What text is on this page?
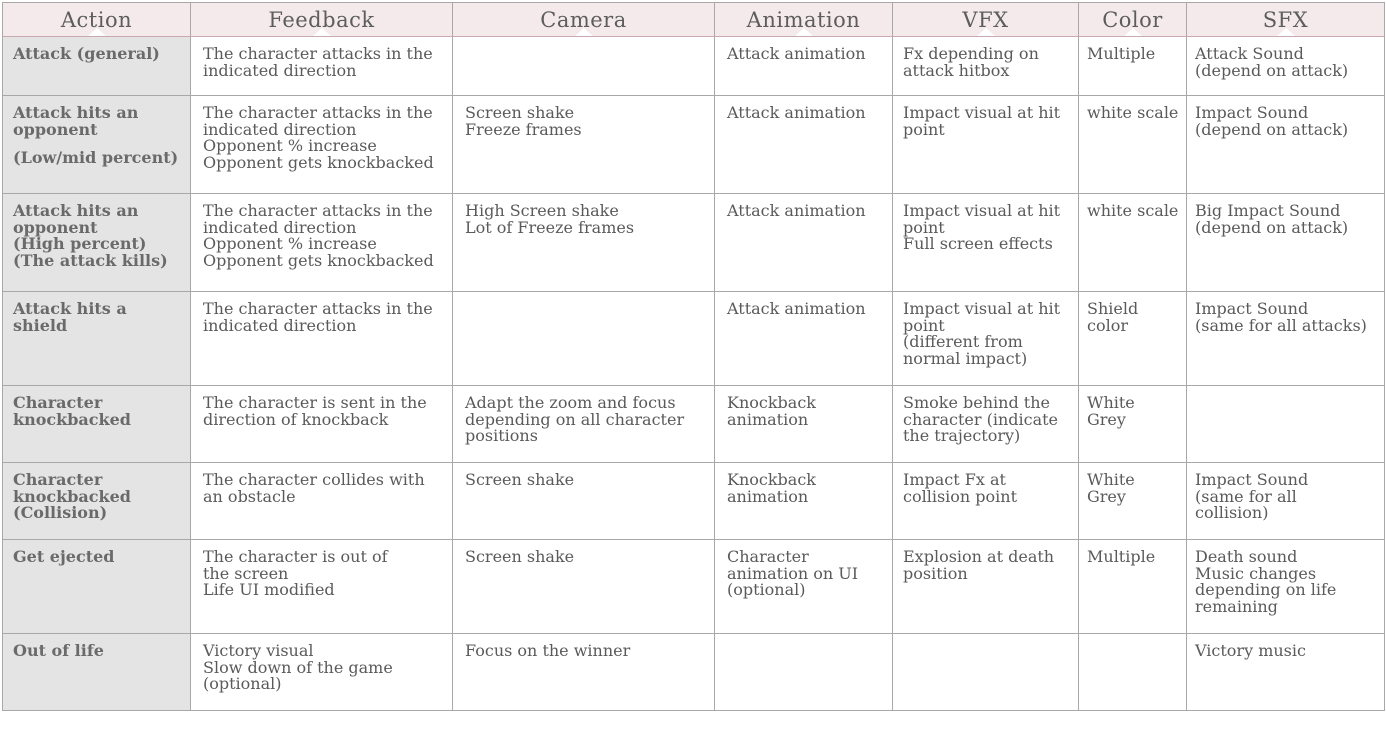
Action	Feedback	Camera	Animation	VFX	Color	SFX

Attack (general)	The character attacks in the
indicated direction		Attack animation	Fx depending on
attack hitbox	Multiple	Attack Sound
(depend on attack)
Attack hits an
opponent
(Low/mid percent)	The character attacks in the
indicated direction
Opponent % increase
Opponent gets knockbacked	Screen shake
Freeze frames	Attack animation	Impact visual at hit
point	white scale	Impact Sound
(depend on attack)
Attack hits an
opponent
(High percent)
(The attack kills)	The character attacks in the
indicated direction
Opponent % increase
Opponent gets knockbacked	High Screen shake
Lot of Freeze frames	Attack animation	Impact visual at hit
point
Full screen effects	white scale	Big Impact Sound
(depend on attack)
Attack hits a shield	The character attacks in the
indicated direction		Attack animation	Impact visual at hit
point
(different from
normal impact)	Shield color	Impact Sound
(same for all attacks)
Character
knockbacked	The character is sent in the
direction of knockback	Adapt the zoom and focus
depending on all character
positions	Knockback
animation	Smoke behind the
character (indicate
the trajectory)	White
Grey	
Character
knockbacked
(Collision)	The character collides with
an obstacle	Screen shake	Knockback
animation	Impact Fx at
collision point	White
Grey	Impact Sound
(same for all
collision)
Get ejected	The character is out of
the screen
Life UI modified	Screen shake	Character
animation on UI
(optional)	Explosion at death
position	Multiple	Death sound
Music changes
depending on life
remaining
Out of life	Victory visual
Slow down of the game
(optional)	Focus on the winner				Victory music
